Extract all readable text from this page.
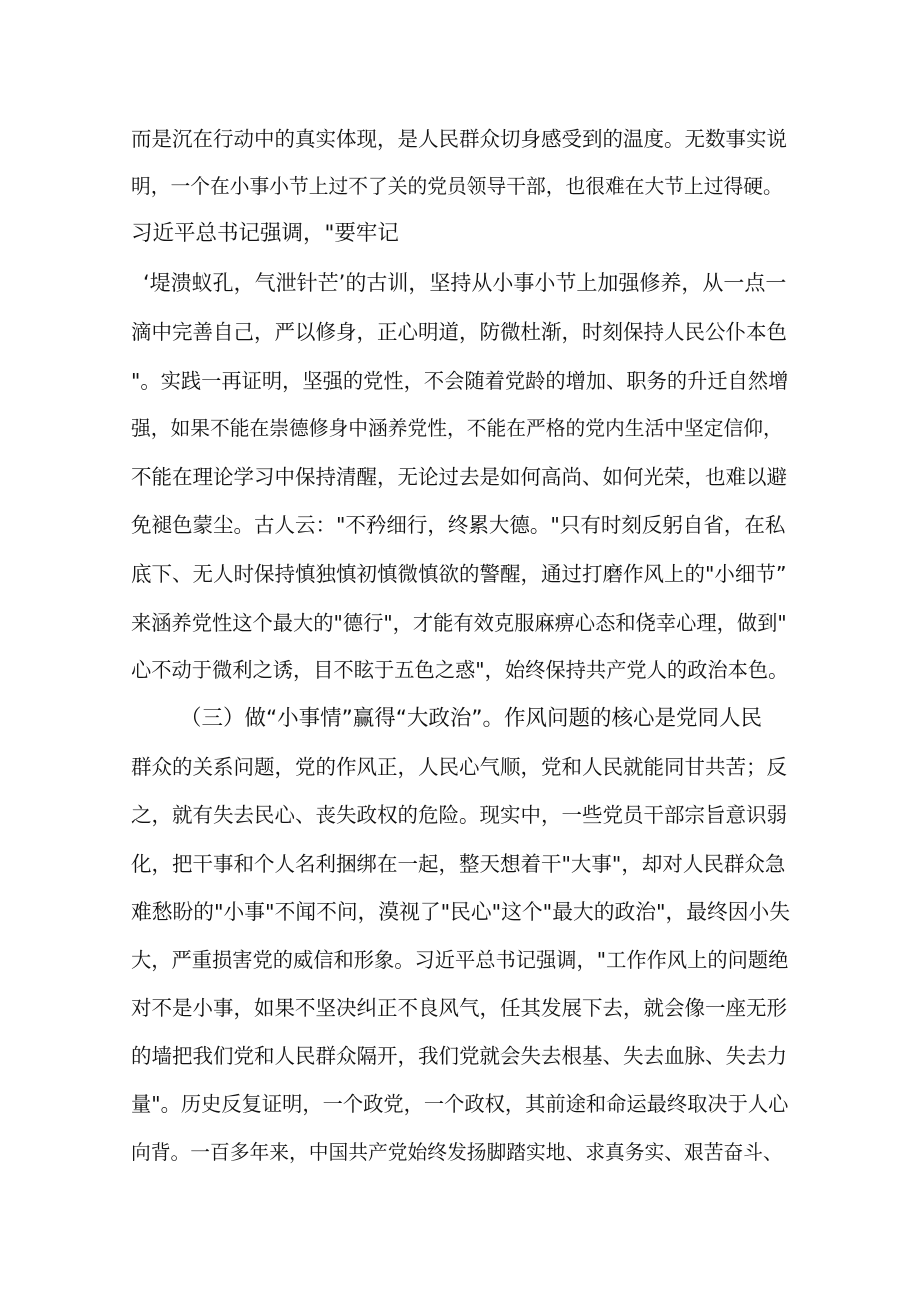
而是沉在行动中的真实体现，是人民群众切身感受到的温度。无数事实说
明，一个在小事小节上过不了关的党员领导干部，也很难在大节上过得硬。
习近平总书记强调，"要牢记
‘堤溃蚁孔，气泄针芒’的古训，坚持从小事小节上加强修养，从一点一
滴中完善自己，严以修身，正心明道，防微杜渐，时刻保持人民公仆本色
"。实践一再证明，坚强的党性，不会随着党龄的增加、职务的升迁自然增
强，如果不能在崇德修身中涵养党性，不能在严格的党内生活中坚定信仰，
不能在理论学习中保持清醒，无论过去是如何高尚、如何光荣，也难以避
免褪色蒙尘。古人云："不矜细行，终累大德。"只有时刻反躬自省，在私
底下、无人时保持慎独慎初慎微慎欲的警醒，通过打磨作风上的"小细节”
来涵养党性这个最大的"德行"，才能有效克服麻痹心态和侥幸心理，做到"
心不动于微利之诱，目不眩于五色之惑"，始终保持共产党人的政治本色。
（三）做“小事情”赢得“大政治”。作风问题的核心是党同人民
群众的关系问题，党的作风正，人民心气顺，党和人民就能同甘共苦；反
之，就有失去民心、丧失政权的危险。现实中，一些党员干部宗旨意识弱
化，把干事和个人名利捆绑在一起，整天想着干"大事"，却对人民群众急
难愁盼的"小事"不闻不问，漠视了"民心"这个"最大的政治"，最终因小失
大，严重损害党的威信和形象。习近平总书记强调，"工作作风上的问题绝
对不是小事，如果不坚决纠正不良风气，任其发展下去，就会像一座无形
的墙把我们党和人民群众隔开，我们党就会失去根基、失去血脉、失去力
量"。历史反复证明，一个政党，一个政权，其前途和命运最终取决于人心
向背。一百多年来，中国共产党始终发扬脚踏实地、求真务实、艰苦奋斗、
